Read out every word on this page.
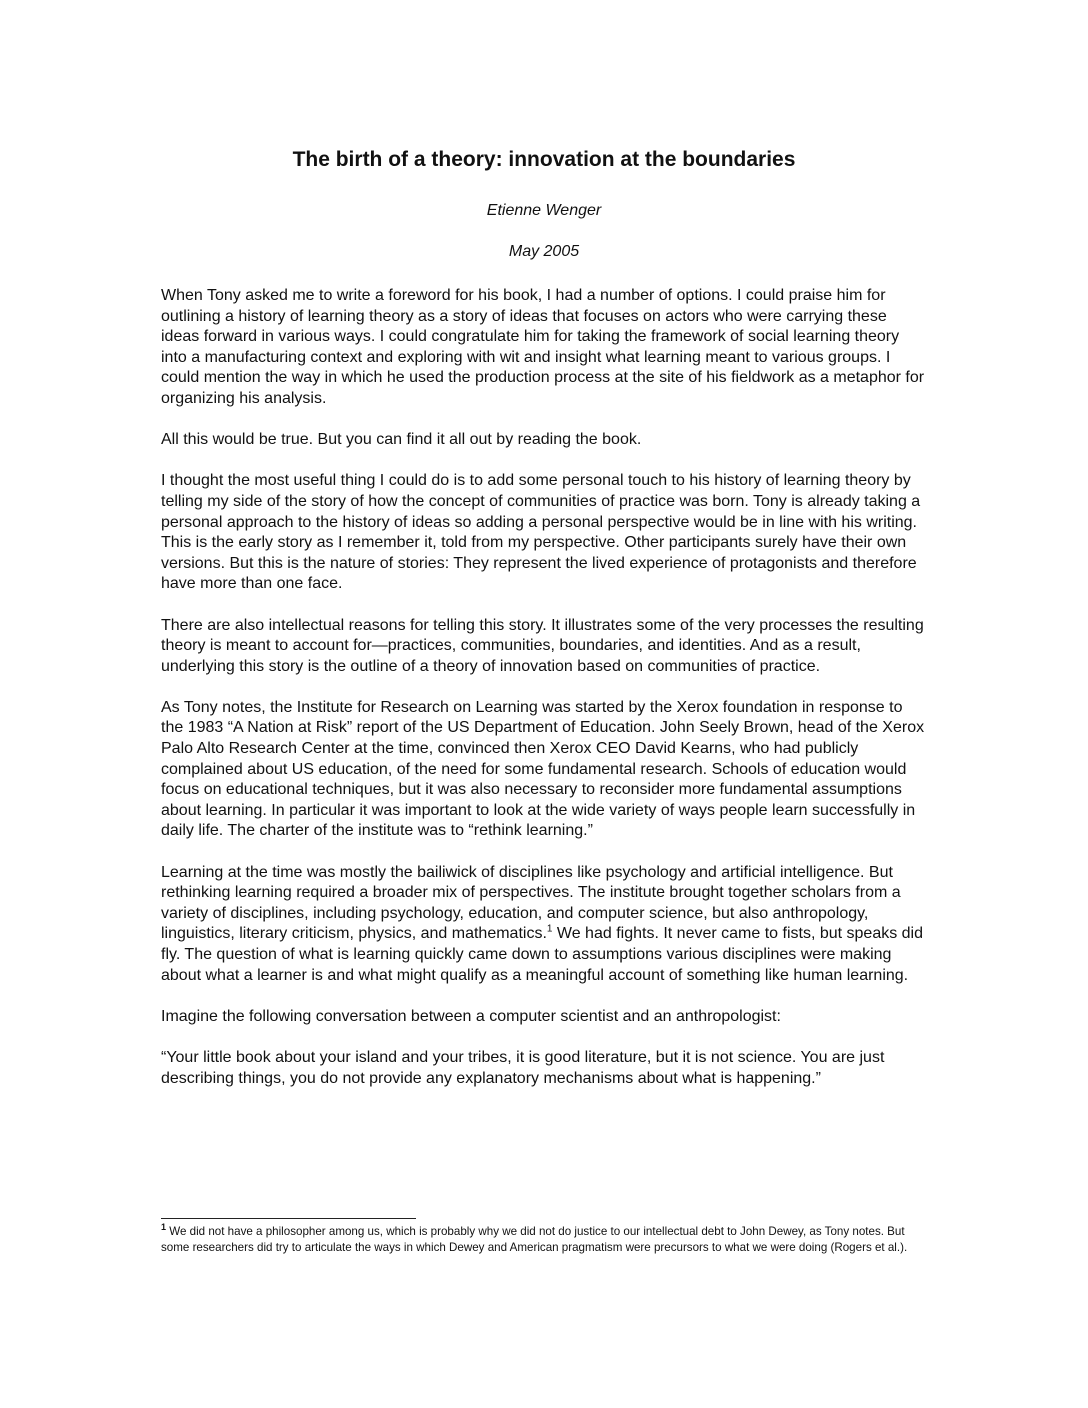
The birth of a theory: innovation at the boundaries
Etienne Wenger
May 2005

When Tony asked me to write a foreword for his book, I had a number of options. I could praise him for outlining a history of learning theory as a story of ideas that focuses on actors who were carrying these ideas forward in various ways. I could congratulate him for taking the framework of social learning theory into a manufacturing context and exploring with wit and insight what learning meant to various groups. I could mention the way in which he used the production process at the site of his fieldwork as a metaphor for organizing his analysis.

All this would be true. But you can find it all out by reading the book.

I thought the most useful thing I could do is to add some personal touch to his history of learning theory by telling my side of the story of how the concept of communities of practice was born. Tony is already taking a personal approach to the history of ideas so adding a personal perspective would be in line with his writing. This is the early story as I remember it, told from my perspective. Other participants surely have their own versions. But this is the nature of stories: They represent the lived experience of protagonists and therefore have more than one face.

There are also intellectual reasons for telling this story. It illustrates some of the very processes the resulting theory is meant to account for—practices, communities, boundaries, and identities. And as a result, underlying this story is the outline of a theory of innovation based on communities of practice.

As Tony notes, the Institute for Research on Learning was started by the Xerox foundation in response to the 1983 “A Nation at Risk” report of the US Department of Education. John Seely Brown, head of the Xerox Palo Alto Research Center at the time, convinced then Xerox CEO David Kearns, who had publicly complained about US education, of the need for some fundamental research. Schools of education would focus on educational techniques, but it was also necessary to reconsider more fundamental assumptions about learning. In particular it was important to look at the wide variety of ways people learn successfully in daily life. The charter of the institute was to “rethink learning.”

Learning at the time was mostly the bailiwick of disciplines like psychology and artificial intelligence. But rethinking learning required a broader mix of perspectives. The institute brought together scholars from a variety of disciplines, including psychology, education, and computer science, but also anthropology, linguistics, literary criticism, physics, and mathematics.$^1$ We had fights. It never came to fists, but speaks did fly. The question of what is learning quickly came down to assumptions various disciplines were making about what a learner is and what might qualify as a meaningful account of something like human learning.

Imagine the following conversation between a computer scientist and an anthropologist:

“Your little book about your island and your tribes, it is good literature, but it is not science. You are just describing things, you do not provide any explanatory mechanisms about what is happening.”

$^1$ We did not have a philosopher among us, which is probably why we did not do justice to our intellectual debt to John Dewey, as Tony notes. But some researchers did try to articulate the ways in which Dewey and American pragmatism were precursors to what we were doing (Rogers et al.).
